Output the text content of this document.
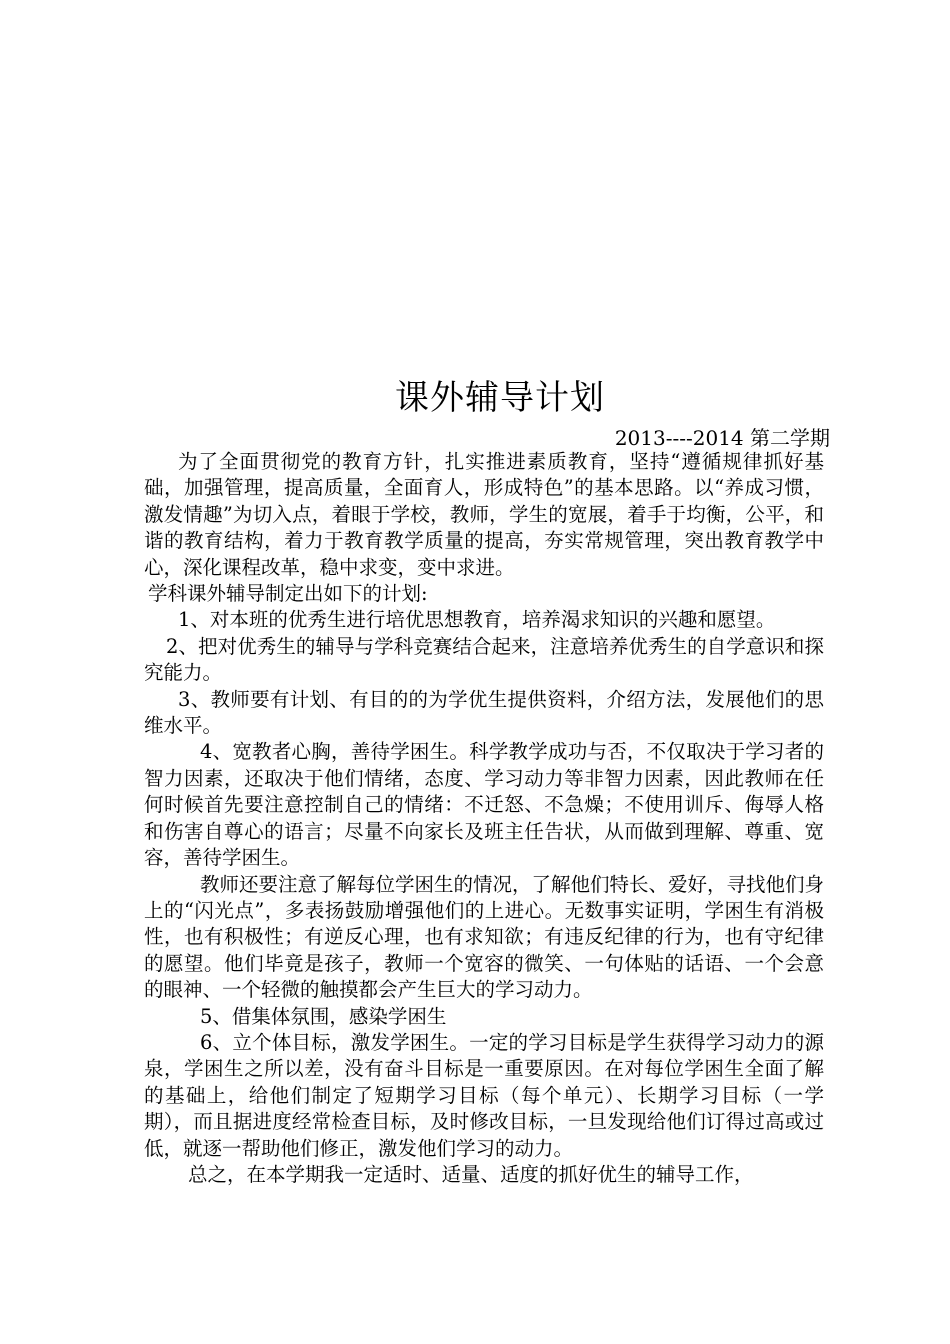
课外辅导计划
2013----2014 第二学期

为了全面贯彻党的教育方针，扎实推进素质教育，坚持“遵循规律抓好基础，加强管理，提高质量，全面育人，形成特色”的基本思路。以“养成习惯，激发情趣”为切入点，着眼于学校，教师，学生的宽展，着手于均衡，公平，和谐的教育结构，着力于教育教学质量的提高，夯实常规管理，突出教育教学中心，深化课程改革，稳中求变，变中求进。

学科课外辅导制定出如下的计划:

1、对本班的优秀生进行培优思想教育，培养渴求知识的兴趣和愿望。

2、把对优秀生的辅导与学科竞赛结合起来，注意培养优秀生的自学意识和探究能力。

3、教师要有计划、有目的的为学优生提供资料，介绍方法，发展他们的思维水平。

4、宽教者心胸，善待学困生。科学教学成功与否，不仅取决于学习者的智力因素，还取决于他们情绪，态度、学习动力等非智力因素，因此教师在任何时候首先要注意控制自己的情绪：不迁怒、不急燥；不使用训斥、侮辱人格和伤害自尊心的语言；尽量不向家长及班主任告状，从而做到理解、尊重、宽容，善待学困生。

教师还要注意了解每位学困生的情况，了解他们特长、爱好，寻找他们身上的“闪光点”，多表扬鼓励增强他们的上进心。无数事实证明，学困生有消极性，也有积极性；有逆反心理，也有求知欲；有违反纪律的行为，也有守纪律的愿望。他们毕竟是孩子，教师一个宽容的微笑、一句体贴的话语、一个会意的眼神、一个轻微的触摸都会产生巨大的学习动力。

5、借集体氛围，感染学困生

6、立个体目标，激发学困生。一定的学习目标是学生获得学习动力的源泉，学困生之所以差，没有奋斗目标是一重要原因。在对每位学困生全面了解的基础上，给他们制定了短期学习目标（每个单元）、长期学习目标（一学期），而且据进度经常检查目标，及时修改目标，一旦发现给他们订得过高或过低，就逐一帮助他们修正，激发他们学习的动力。

总之，在本学期我一定适时、适量、适度的抓好优生的辅导工作，
